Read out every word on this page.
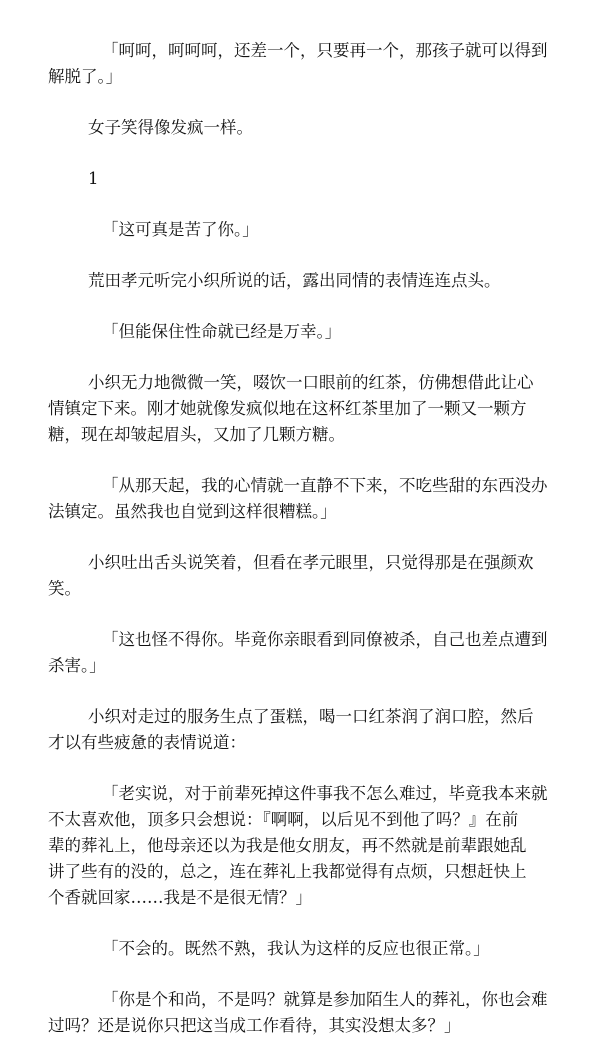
「呵呵，呵呵呵，还差一个，只要再一个，那孩子就可以得到
解脱了。」
女子笑得像发疯一样。
1
「这可真是苦了你。」
荒田孝元听完小织所说的话，露出同情的表情连连点头。
「但能保住性命就已经是万幸。」
小织无力地微微一笑，啜饮一口眼前的红茶，仿佛想借此让心
情镇定下来。刚才她就像发疯似地在这杯红茶里加了一颗又一颗方
糖，现在却皱起眉头，又加了几颗方糖。
「从那天起，我的心情就一直静不下来，不吃些甜的东西没办
法镇定。虽然我也自觉到这样很糟糕。」
小织吐出舌头说笑着，但看在孝元眼里，只觉得那是在强颜欢
笑。
「这也怪不得你。毕竟你亲眼看到同僚被杀，自己也差点遭到
杀害。」
小织对走过的服务生点了蛋糕，喝一口红茶润了润口腔，然后
才以有些疲惫的表情说道：
「老实说，对于前辈死掉这件事我不怎么难过，毕竟我本来就
不太喜欢他，顶多只会想说：『啊啊，以后见不到他了吗？』在前
辈的葬礼上，他母亲还以为我是他女朋友，再不然就是前辈跟她乱
讲了些有的没的，总之，连在葬礼上我都觉得有点烦，只想赶快上
个香就回家……我是不是很无情？」
「不会的。既然不熟，我认为这样的反应也很正常。」
「你是个和尚，不是吗？就算是参加陌生人的葬礼，你也会难
过吗？还是说你只把这当成工作看待，其实没想太多？」
